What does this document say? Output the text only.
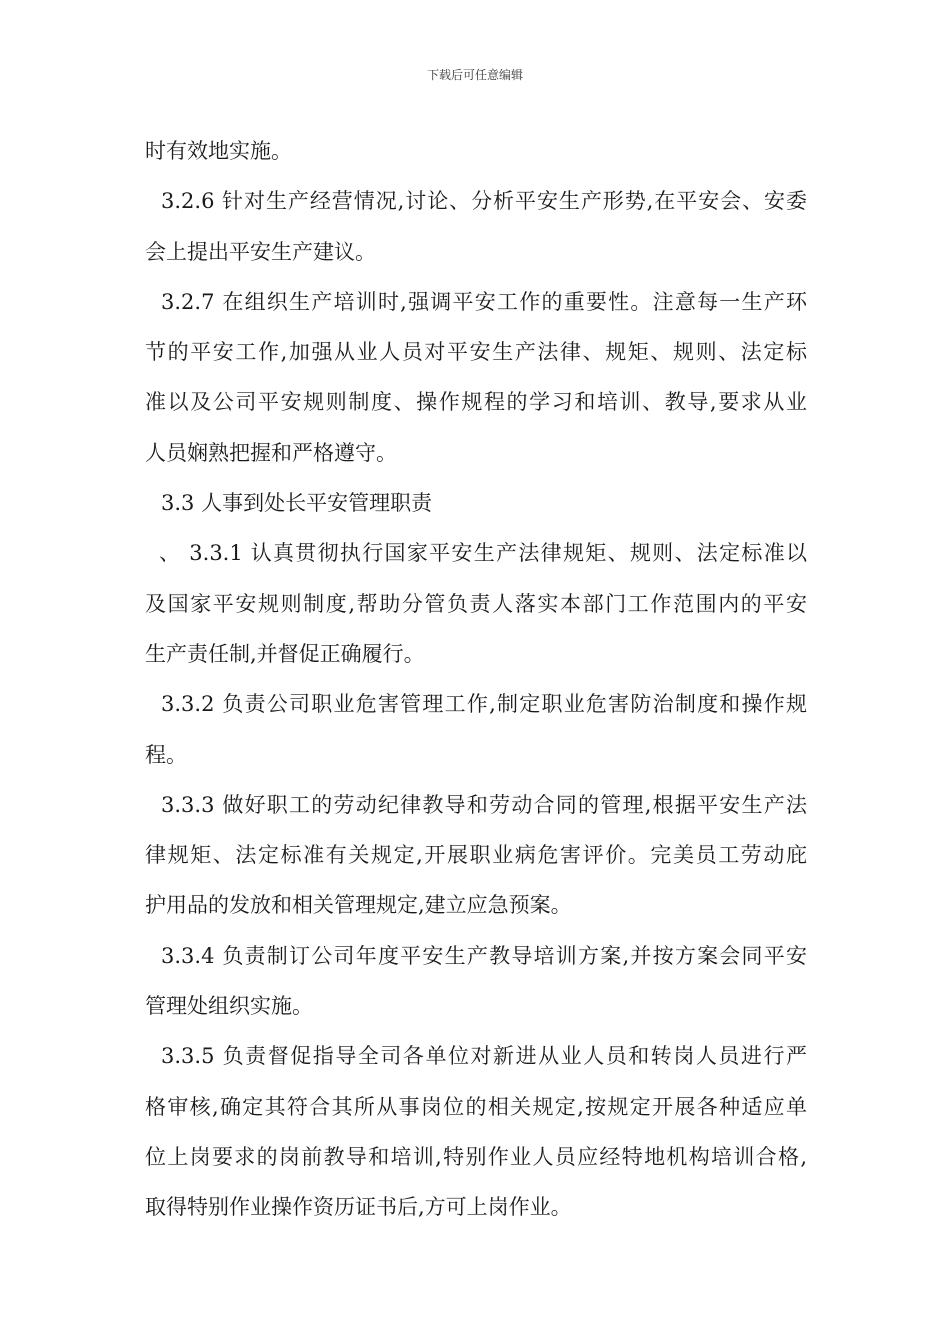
下载后可任意编辑
时有效地实施。
3.2.6 针对生产经营情况,讨论、分析平安生产形势,在平安会、安委
会上提出平安生产建议。
3.2.7 在组织生产培训时,强调平安工作的重要性。注意每一生产环
节的平安工作,加强从业人员对平安生产法律、规矩、规则、法定标
准以及公司平安规则制度、操作规程的学习和培训、教导,要求从业
人员娴熟把握和严格遵守。
3.3 人事到处长平安管理职责
、 3.3.1 认真贯彻执行国家平安生产法律规矩、规则、法定标准以
及国家平安规则制度,帮助分管负责人落实本部门工作范围内的平安
生产责任制,并督促正确履行。
3.3.2 负责公司职业危害管理工作,制定职业危害防治制度和操作规
程。
3.3.3 做好职工的劳动纪律教导和劳动合同的管理,根据平安生产法
律规矩、法定标准有关规定,开展职业病危害评价。完美员工劳动庇
护用品的发放和相关管理规定,建立应急预案。
3.3.4 负责制订公司年度平安生产教导培训方案,并按方案会同平安
管理处组织实施。
3.3.5 负责督促指导全司各单位对新进从业人员和转岗人员进行严
格审核,确定其符合其所从事岗位的相关规定,按规定开展各种适应单
位上岗要求的岗前教导和培训,特别作业人员应经特地机构培训合格,
取得特别作业操作资历证书后,方可上岗作业。
